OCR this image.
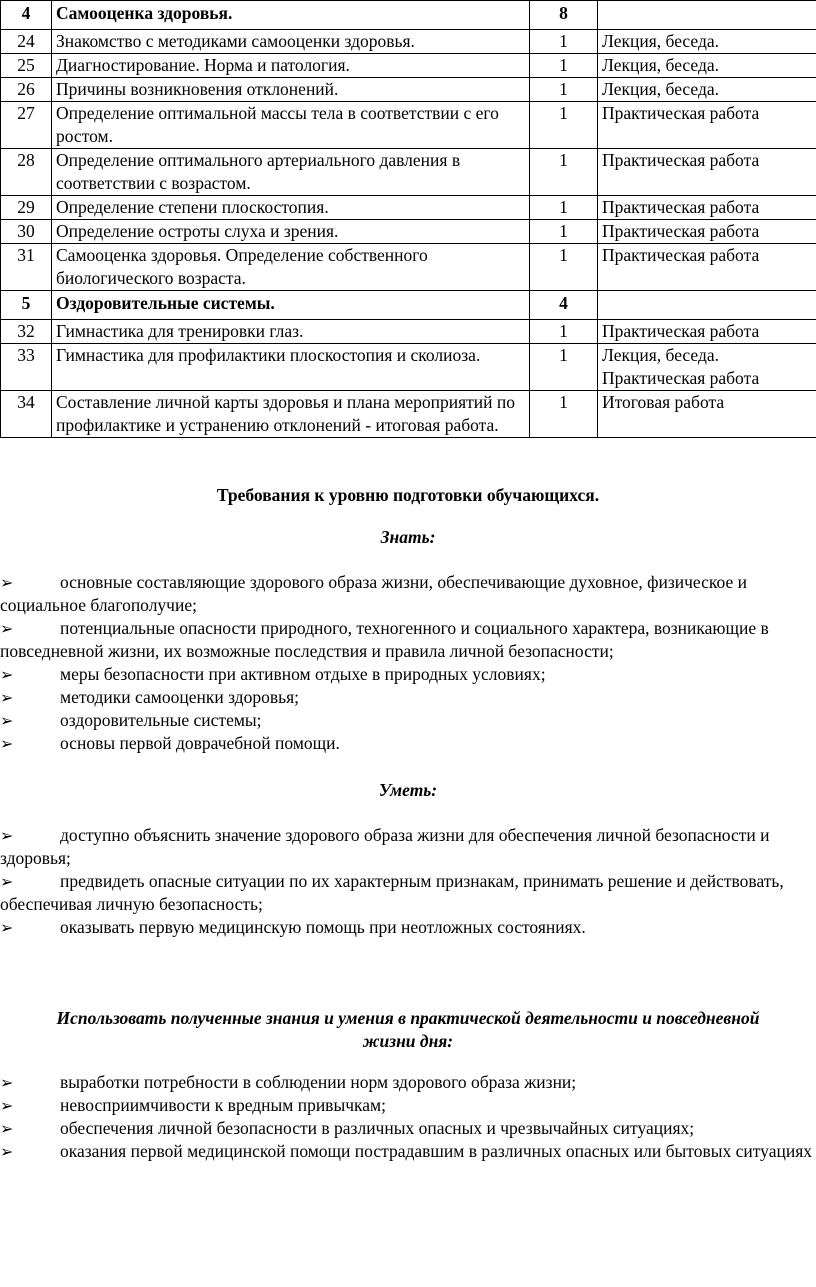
4	Самооценка здоровья.	8	
24	Знакомство с методиками самооценки здоровья.	1	Лекция, беседа.
25	Диагностирование. Норма и патология.	1	Лекция, беседа.
26	Причины возникновения отклонений.	1	Лекция, беседа.
27	Определение оптимальной массы тела в соответствии с его ростом.	1	Практическая работа
28	Определение оптимального артериального давления в соответствии с возрастом.	1	Практическая работа
29	Определение степени плоскостопия.	1	Практическая работа
30	Определение остроты слуха и зрения.	1	Практическая работа
31	Самооценка здоровья. Определение собственного биологического возраста.	1	Практическая работа
5	Оздоровительные системы.	4	
32	Гимнастика для тренировки глаз.	1	Практическая работа
33	Гимнастика для профилактики плоскостопия и сколиоза.	1	Лекция, беседа. Практическая работа
34	Составление личной карты здоровья и плана мероприятий по профилактике и устранению отклонений - итоговая работа.	1	Итоговая работа
Требования к уровню подготовки обучающихся.
Знать:
➢	основные составляющие здорового образа жизни, обеспечивающие духовное, физическое и социальное благополучие;
➢	потенциальные опасности природного, техногенного и социального характера, возникающие в повседневной жизни, их возможные последствия и правила личной безопасности;
➢	меры безопасности при активном отдыхе в природных условиях;
➢	методики самооценки здоровья;
➢	оздоровительные системы;
➢	основы первой доврачебной помощи.
Уметь:
➢	доступно объяснить значение здорового образа жизни для обеспечения личной безопасности и здоровья;
➢	предвидеть опасные ситуации по их характерным признакам, принимать решение и действовать, обеспечивая личную безопасность;
➢	оказывать первую медицинскую помощь при неотложных состояниях.
Использовать полученные знания и умения в практической деятельности и повседневной жизни дня:
➢	выработки потребности в соблюдении норм здорового образа жизни;
➢	невосприимчивости к вредным привычкам;
➢	обеспечения личной безопасности в различных опасных и чрезвычайных ситуациях;
➢	оказания первой медицинской помощи пострадавшим в различных опасных или бытовых ситуациях
